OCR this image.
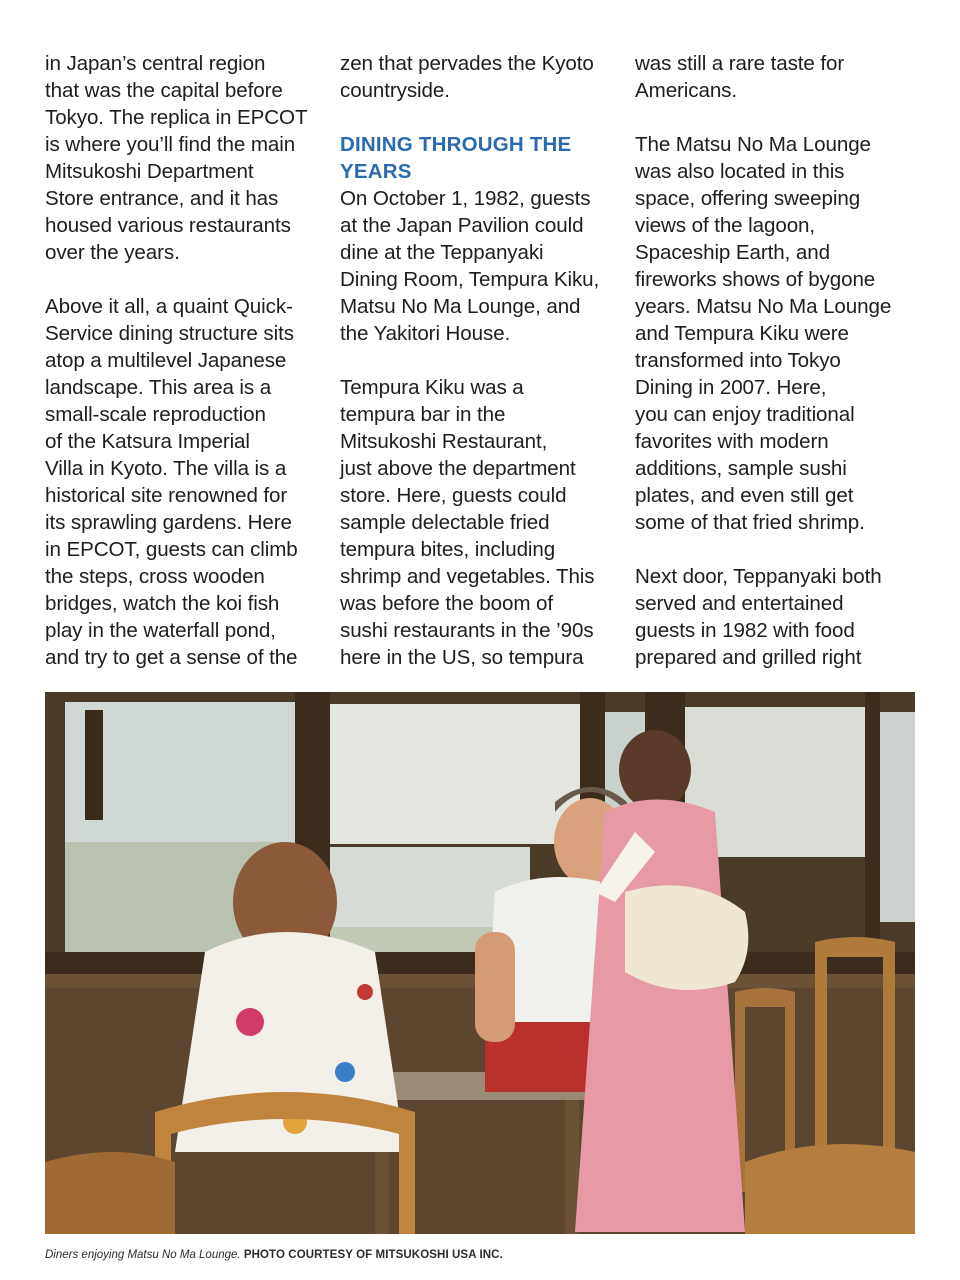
in Japan’s central region
that was the capital before
Tokyo. The replica in EPCOT
is where you’ll find the main
Mitsukoshi Department
Store entrance, and it has
housed various restaurants
over the years.
Above it all, a quaint Quick-
Service dining structure sits
atop a multilevel Japanese
landscape. This area is a
small-scale reproduction
of the Katsura Imperial
Villa in Kyoto. The villa is a
historical site renowned for
its sprawling gardens. Here
in EPCOT, guests can climb
the steps, cross wooden
bridges, watch the koi fish
play in the waterfall pond,
and try to get a sense of the
zen that pervades the Kyoto
countryside.
DINING THROUGH THE
YEARS
On October 1, 1982, guests
at the Japan Pavilion could
dine at the Teppanyaki
Dining Room, Tempura Kiku,
Matsu No Ma Lounge, and
the Yakitori House.
Tempura Kiku was a
tempura bar in the
Mitsukoshi Restaurant,
just above the department
store. Here, guests could
sample delectable fried
tempura bites, including
shrimp and vegetables. This
was before the boom of
sushi restaurants in the ’90s
here in the US, so tempura
was still a rare taste for
Americans.
The Matsu No Ma Lounge
was also located in this
space, offering sweeping
views of the lagoon,
Spaceship Earth, and
fireworks shows of bygone
years. Matsu No Ma Lounge
and Tempura Kiku were
transformed into Tokyo
Dining in 2007. Here,
you can enjoy traditional
favorites with modern
additions, sample sushi
plates, and even still get
some of that fried shrimp.
Next door, Teppanyaki both
served and entertained
guests in 1982 with food
prepared and grilled right
Diners enjoying Matsu No Ma Lounge. PHOTO COURTESY OF MITSUKOSHI USA INC.
